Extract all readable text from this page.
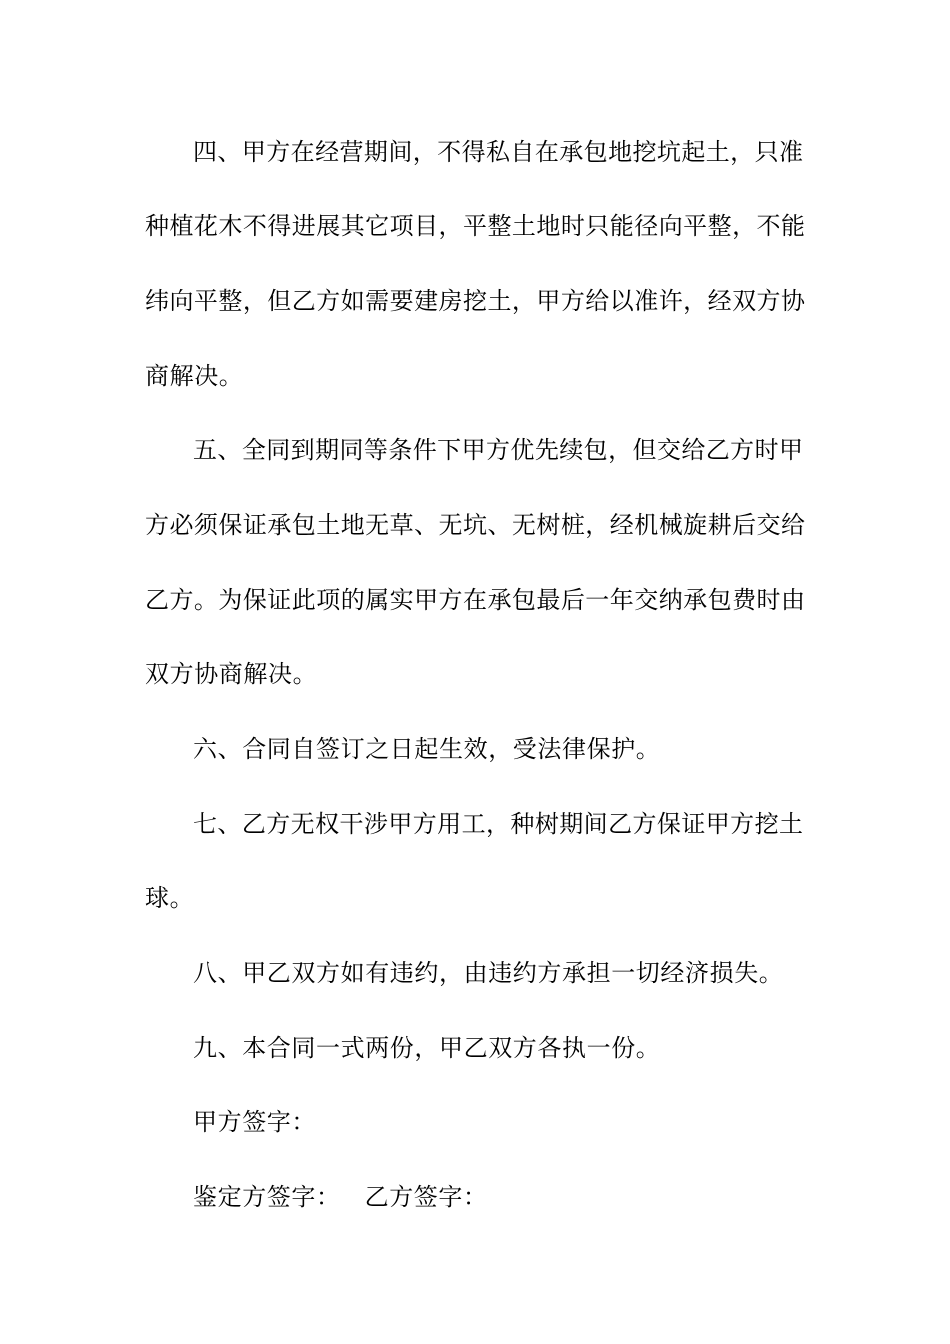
四、甲方在经营期间，不得私自在承包地挖坑起土，只准
种植花木不得进展其它项目，平整土地时只能径向平整，不能
纬向平整，但乙方如需要建房挖土，甲方给以准许，经双方协
商解决。
五、全同到期同等条件下甲方优先续包，但交给乙方时甲
方必须保证承包土地无草、无坑、无树桩，经机械旋耕后交给
乙方。为保证此项的属实甲方在承包最后一年交纳承包费时由
双方协商解决。
六、合同自签订之日起生效，受法律保护。
七、乙方无权干涉甲方用工，种树期间乙方保证甲方挖土
球。
八、甲乙双方如有违约，由违约方承担一切经济损失。
九、本合同一式两份，甲乙双方各执一份。
甲方签字：
鉴定方签字： 乙方签字：
